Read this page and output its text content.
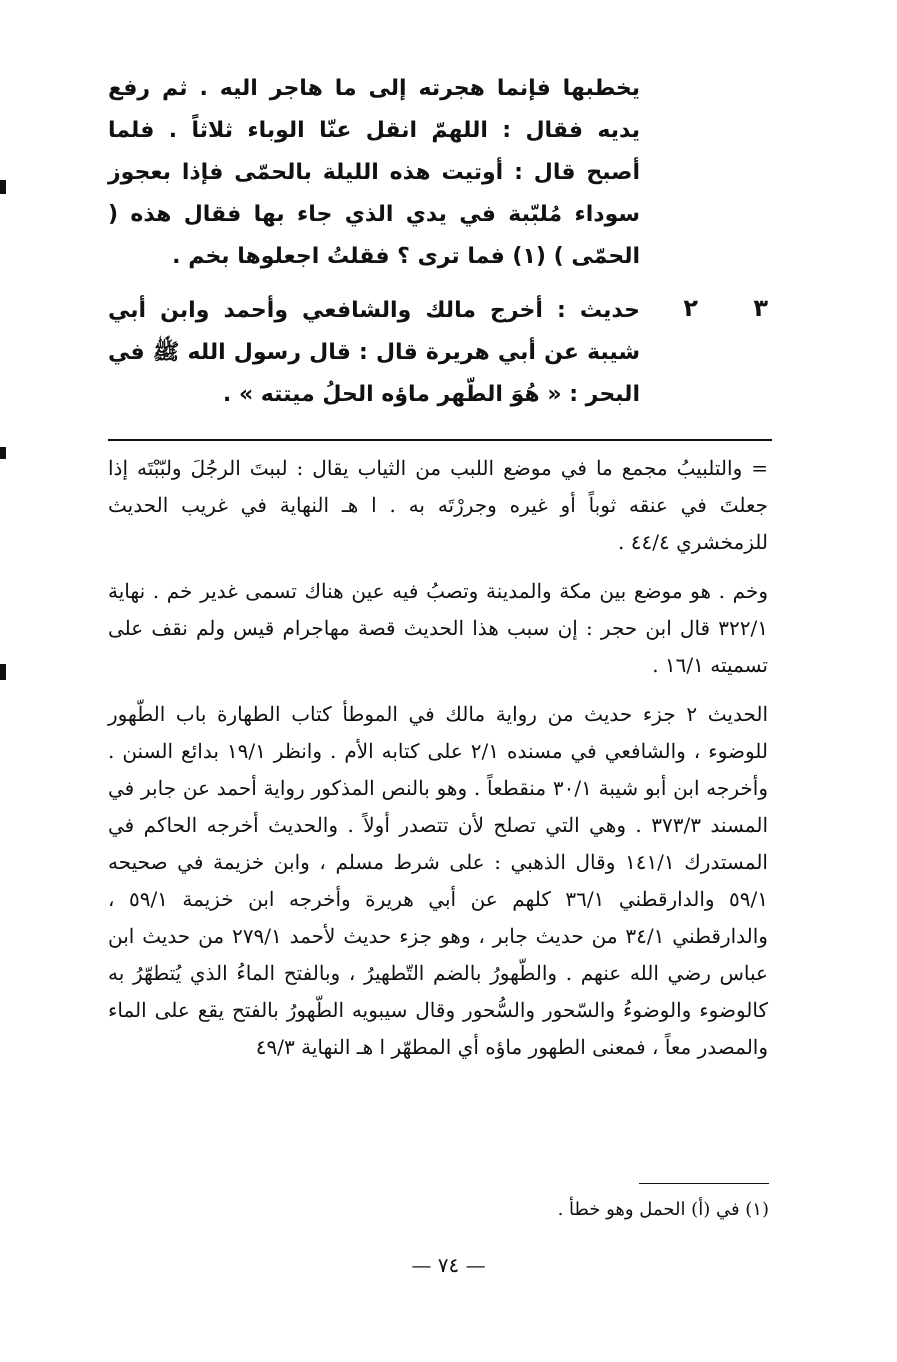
يخطبها فإنما هجرته إلى ما هاجر اليه . ثم رفع يديه فقال : اللهمّ انقل عنّا الوباء ثلاثاً . فلما أصبح قال : أوتيت هذه الليلة بالحمّى فإذا بعجوز سوداء مُلبّبة في يدي الذي جاء بها فقال هذه ( الحمّى ) (١) فما ترى ؟ فقلتُ اجعلوها بخم .
٣
٢
حديث : أخرج مالك والشافعي وأحمد وابن أبي شيبة عن أبي هريرة قال : قال رسول الله ﷺ في البحر : « هُوَ الطّهر ماؤه الحلُ ميتته » .

= والتلبيبُ مجمع ما في موضع اللبب من الثياب يقال : لببتَ الرجُلَ ولبّبْتَه إذا جعلتَ في عنقه ثوباً أو غيره وجررْتَه به . ا هـ النهاية في غريب الحديث للزمخشري ٤٤/٤ .

وخم . هو موضع بين مكة والمدينة وتصبُ فيه عين هناك تسمى غدير خم . نهاية ٣٢٢/١ قال ابن حجر : إن سبب هذا الحديث قصة مهاجرام قيس ولم نقف على تسميته ١٦/١ .

الحديث ٢ جزء حديث من رواية مالك في الموطأ كتاب الطهارة باب الطّهور للوضوء ، والشافعي في مسنده ٢/١ على كتابه الأم . وانظر ١٩/١ بدائع السنن . وأخرجه ابن أبو شيبة ٣٠/١ منقطعاً . وهو بالنص المذكور رواية أحمد عن جابر في المسند ٣٧٣/٣ . وهي التي تصلح لأن تتصدر أولاً . والحديث أخرجه الحاكم في المستدرك ١٤١/١ وقال الذهبي : على شرط مسلم ، وابن خزيمة في صحيحه ٥٩/١ والدارقطني ٣٦/١ كلهم عن أبي هريرة وأخرجه ابن خزيمة ٥٩/١ ، والدارقطني ٣٤/١ من حديث جابر ، وهو جزء حديث لأحمد ٢٧٩/١ من حديث ابن عباس رضي الله عنهم . والطّهورُ بالضم التّطهيرُ ، وبالفتح الماءُ الذي يُتطهّرُ به كالوضوء والوضوءُ والسّحور والسُّحور وقال سيبويه الطّهورُ بالفتح يقع على الماء والمصدر معاً ، فمعنى الطهور ماؤه أي المطهّر ا هـ النهاية ٤٩/٣

(١) في (أ) الحمل وهو خطأ .
— ٧٤ —
